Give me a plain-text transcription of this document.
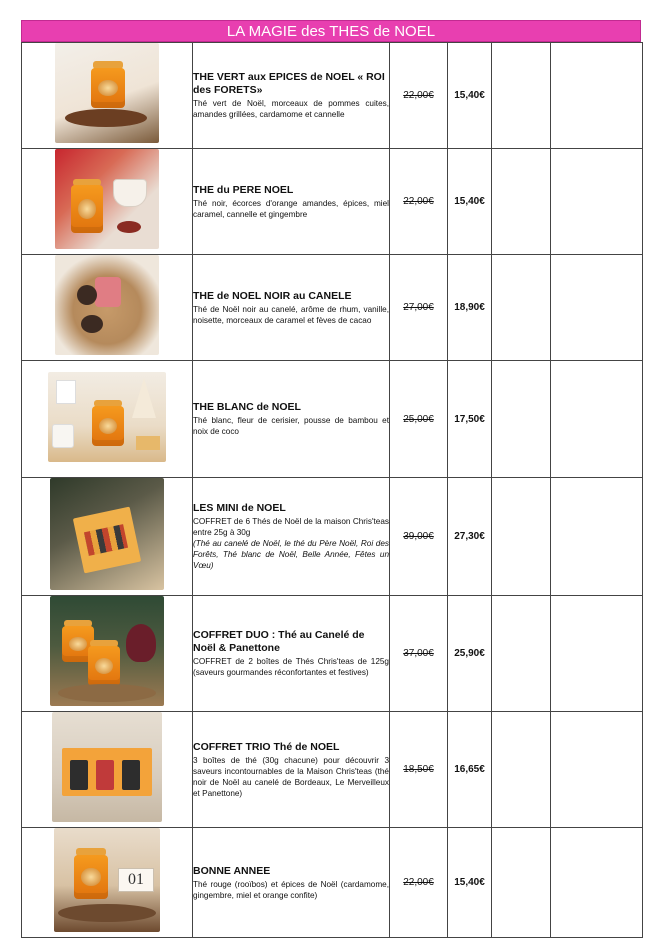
LA MAGIE des THES de NOEL

	THE VERT aux EPICES de NOEL « ROI des FORETS»
Thé vert de Noël, morceaux de pommes cuites, amandes grillées, cardamome et cannelle	22,00€	15,40€		

	THE du PERE NOEL
Thé noir, écorces d'orange amandes, épices, miel caramel, cannelle et gingembre	22,00€	15,40€		

	THE de NOEL NOIR au CANELE
Thé de Noël noir au canelé, arôme de rhum, vanille, noisette, morceaux de caramel et fèves de cacao	27,00€	18,90€		

	THE BLANC de NOEL
Thé blanc, fleur de cerisier, pousse de bambou et noix de coco	25,00€	17,50€		

	LES MINI de NOEL
COFFRET de 6 Thés de Noël de la maison Chris'teas entre 25g à 30g
(Thé au canelé de Noël, le thé du Père Noël, Roi des Forêts, Thé blanc de Noël, Belle Année, Fêtes un Vœu)	39,00€	27,30€		

	COFFRET DUO : Thé au Canelé de Noël & Panettone
COFFRET de 2 boîtes de Thés Chris'teas de 125g (saveurs gourmandes réconfortantes et festives)	37,00€	25,90€		

	COFFRET TRIO Thé de NOEL
3 boîtes de thé (30g chacune) pour découvrir 3 saveurs incontournables de la Maison Chris'teas (thé noir de Noël au canelé de Bordeaux, Le Merveilleux et Panettone)	18,50€	16,65€		

01	BONNE ANNEE
Thé rouge (rooïbos) et épices de Noël (cardamome, gingembre, miel et orange confite)	22,00€	15,40€		
